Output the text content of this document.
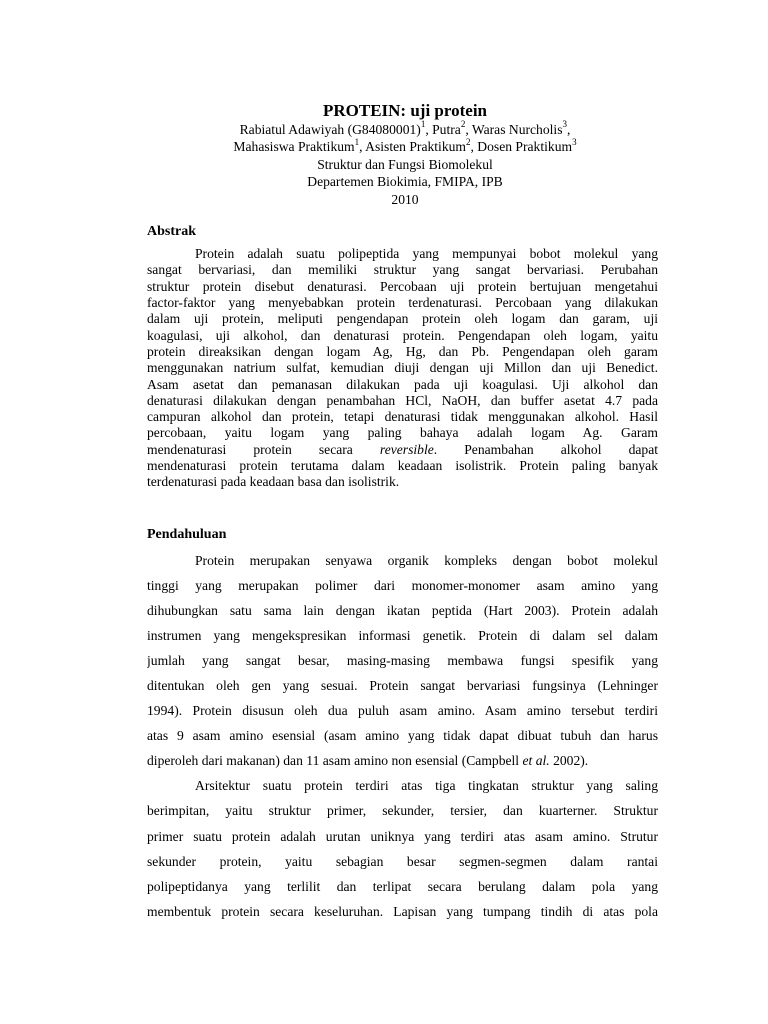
PROTEIN: uji protein
Rabiatul Adawiyah $(G84080001)^1$, Putra$^2$, Waras Nurcholis$^3$,
Mahasiswa Praktikum$^1$, Asisten Praktikum$^2$, Dosen Praktikum$^3$
Struktur dan Fungsi Biomolekul
Departemen Biokimia, FMIPA, IPB
2010
Abstrak
Protein adalah suatu polipeptida yang mempunyai bobot molekul yang
sangat bervariasi, dan memiliki struktur yang sangat bervariasi. Perubahan
struktur protein disebut denaturasi. Percobaan uji protein bertujuan mengetahui
factor-faktor yang menyebabkan protein terdenaturasi. Percobaan yang dilakukan
dalam uji protein, meliputi pengendapan protein oleh logam dan garam, uji
koagulasi, uji alkohol, dan denaturasi protein. Pengendapan oleh logam, yaitu
protein direaksikan dengan logam Ag, Hg, dan Pb. Pengendapan oleh garam
menggunakan natrium sulfat, kemudian diuji dengan uji Millon dan uji Benedict.
Asam asetat dan pemanasan dilakukan pada uji koagulasi. Uji alkohol dan
denaturasi dilakukan dengan penambahan HCl, NaOH, dan buffer asetat 4.7 pada
campuran alkohol dan protein, tetapi denaturasi tidak menggunakan alkohol. Hasil
percobaan, yaitu logam yang paling bahaya adalah logam Ag. Garam
mendenaturasi protein secara reversible. Penambahan alkohol dapat
mendenaturasi protein terutama dalam keadaan isolistrik. Protein paling banyak
terdenaturasi pada keadaan basa dan isolistrik.
Pendahuluan
Protein merupakan senyawa organik kompleks dengan bobot molekul
tinggi yang merupakan polimer dari monomer-monomer asam amino yang
dihubungkan satu sama lain dengan ikatan peptida (Hart 2003). Protein adalah
instrumen yang mengekspresikan informasi genetik. Protein di dalam sel dalam
jumlah yang sangat besar, masing-masing membawa fungsi spesifik yang
ditentukan oleh gen yang sesuai. Protein sangat bervariasi fungsinya (Lehninger
1994). Protein disusun oleh dua puluh asam amino. Asam amino tersebut terdiri
atas 9 asam amino esensial (asam amino yang tidak dapat dibuat tubuh dan harus
diperoleh dari makanan) dan 11 asam amino non esensial (Campbell et al. 2002).
Arsitektur suatu protein terdiri atas tiga tingkatan struktur yang saling
berimpitan, yaitu struktur primer, sekunder, tersier, dan kuarterner. Struktur
primer suatu protein adalah urutan uniknya yang terdiri atas asam amino. Strutur
sekunder protein, yaitu sebagian besar segmen-segmen dalam rantai
polipeptidanya yang terlilit dan terlipat secara berulang dalam pola yang
membentuk protein secara keseluruhan. Lapisan yang tumpang tindih di atas pola
